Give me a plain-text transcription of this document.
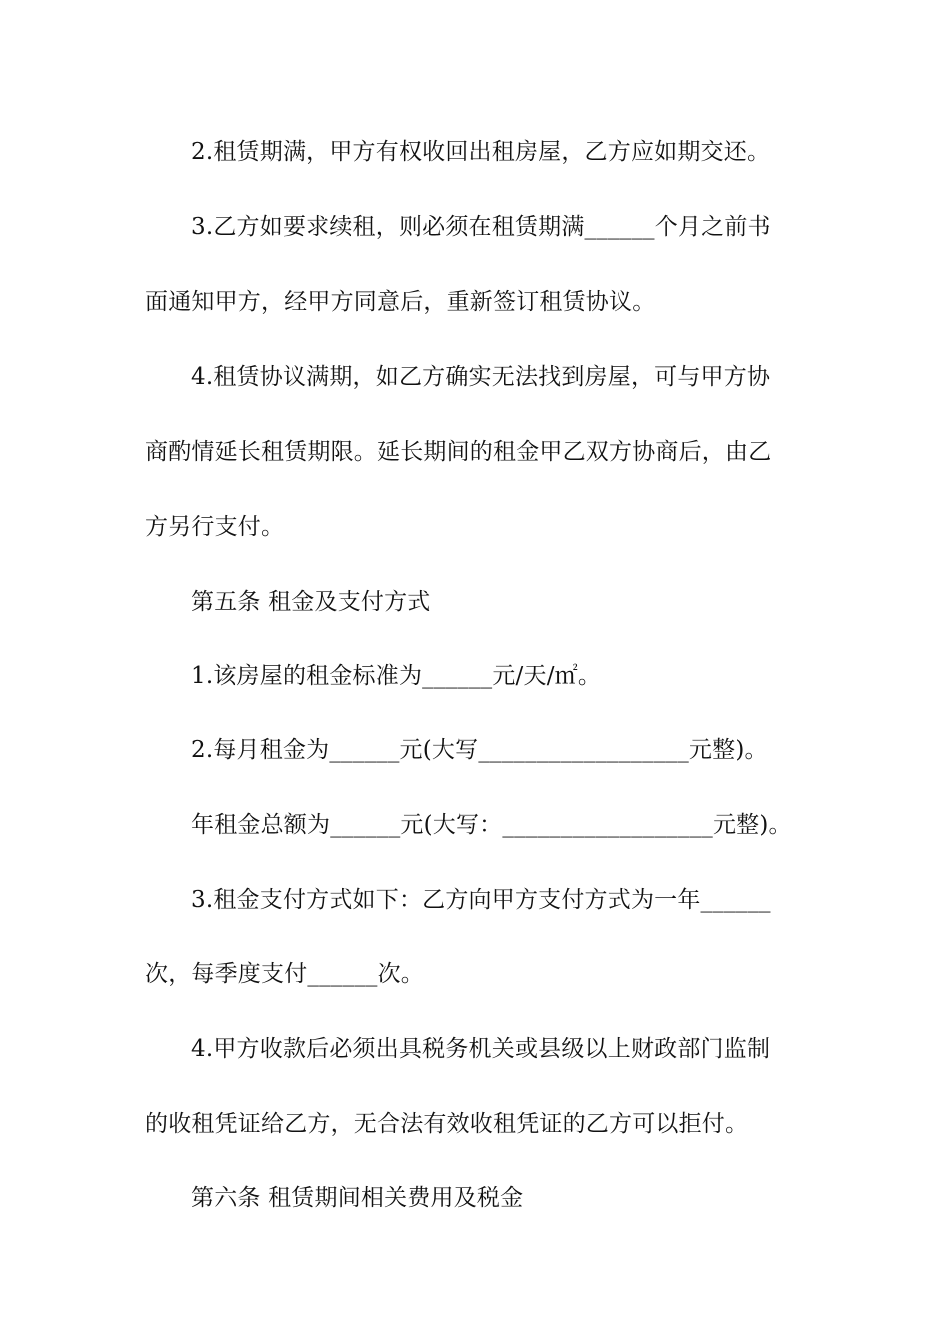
2.租赁期满，甲方有权收回出租房屋，乙方应如期交还。
3.乙方如要求续租，则必须在租赁期满______个月之前书
面通知甲方，经甲方同意后，重新签订租赁协议。
4.租赁协议满期，如乙方确实无法找到房屋，可与甲方协
商酌情延长租赁期限。延长期间的租金甲乙双方协商后，由乙
方另行支付。
第五条 租金及支付方式
1.该房屋的租金标准为______元/天/㎡。
2.每月租金为______元(大写__________________元整)。
年租金总额为______元(大写：__________________元整)。
3.租金支付方式如下：乙方向甲方支付方式为一年______
次，每季度支付______次。
4.甲方收款后必须出具税务机关或县级以上财政部门监制
的收租凭证给乙方，无合法有效收租凭证的乙方可以拒付。
第六条 租赁期间相关费用及税金
